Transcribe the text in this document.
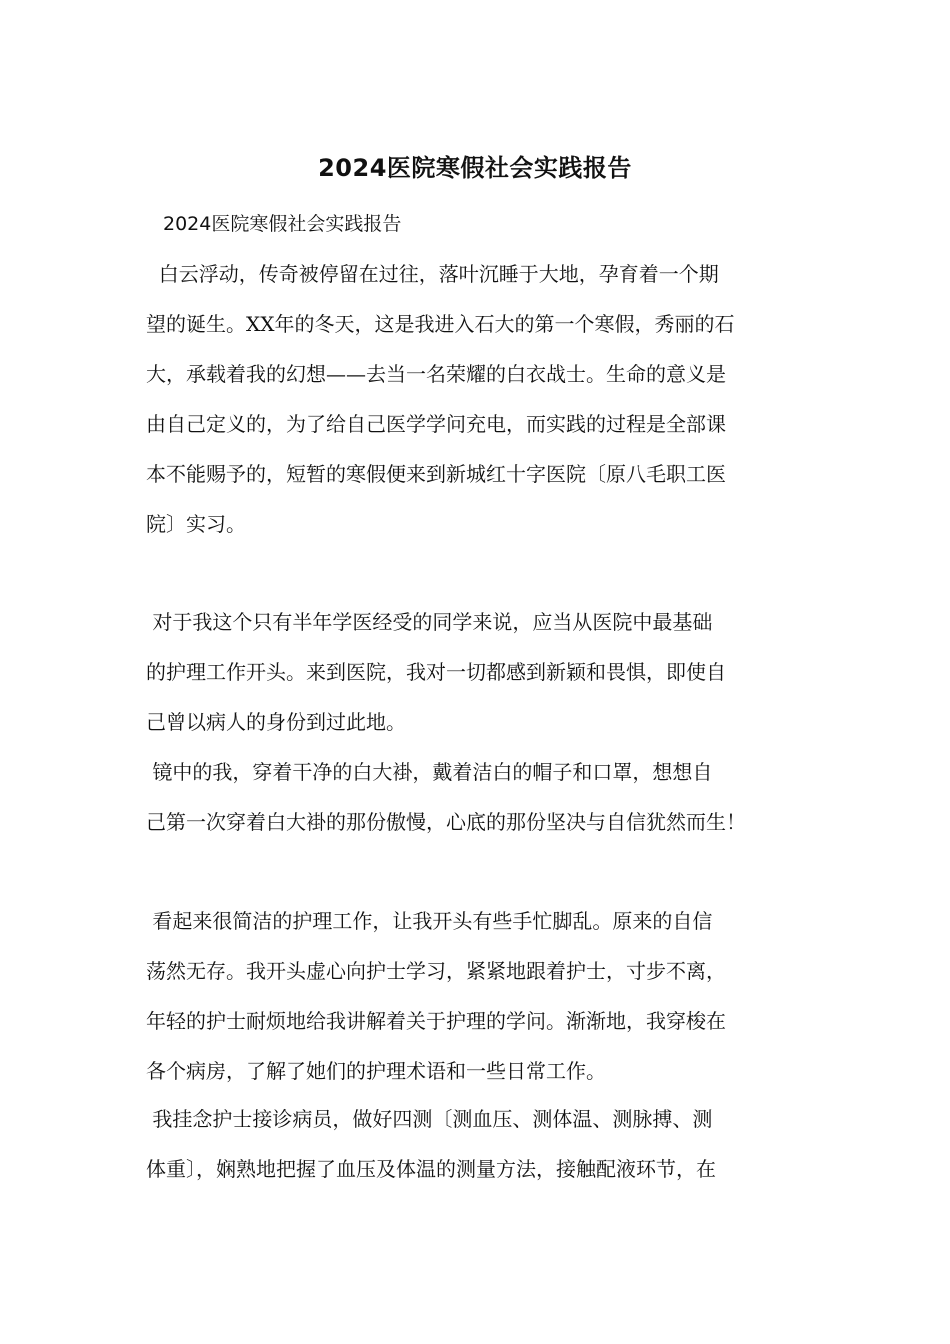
2024医院寒假社会实践报告

2024医院寒假社会实践报告

白云浮动，传奇被停留在过往，落叶沉睡于大地，孕育着一个期

望的诞生。XX年的冬天，这是我进入石大的第一个寒假，秀丽的石

大，承载着我的幻想——去当一名荣耀的白衣战士。生命的意义是

由自己定义的，为了给自己医学学问充电，而实践的过程是全部课

本不能赐予的，短暂的寒假便来到新城红十字医院〔原八毛职工医

院〕实习。

对于我这个只有半年学医经受的同学来说，应当从医院中最基础

的护理工作开头。来到医院，我对一切都感到新颖和畏惧，即使自

己曾以病人的身份到过此地。

镜中的我，穿着干净的白大褂，戴着洁白的帽子和口罩，想想自

己第一次穿着白大褂的那份傲慢，心底的那份坚决与自信犹然而生！

看起来很简洁的护理工作，让我开头有些手忙脚乱。原来的自信

荡然无存。我开头虚心向护士学习，紧紧地跟着护士，寸步不离，

年轻的护士耐烦地给我讲解着关于护理的学问。渐渐地，我穿梭在

各个病房，了解了她们的护理术语和一些日常工作。

我挂念护士接诊病员，做好四测〔测血压、测体温、测脉搏、测

体重〕，娴熟地把握了血压及体温的测量方法，接触配液环节，在
